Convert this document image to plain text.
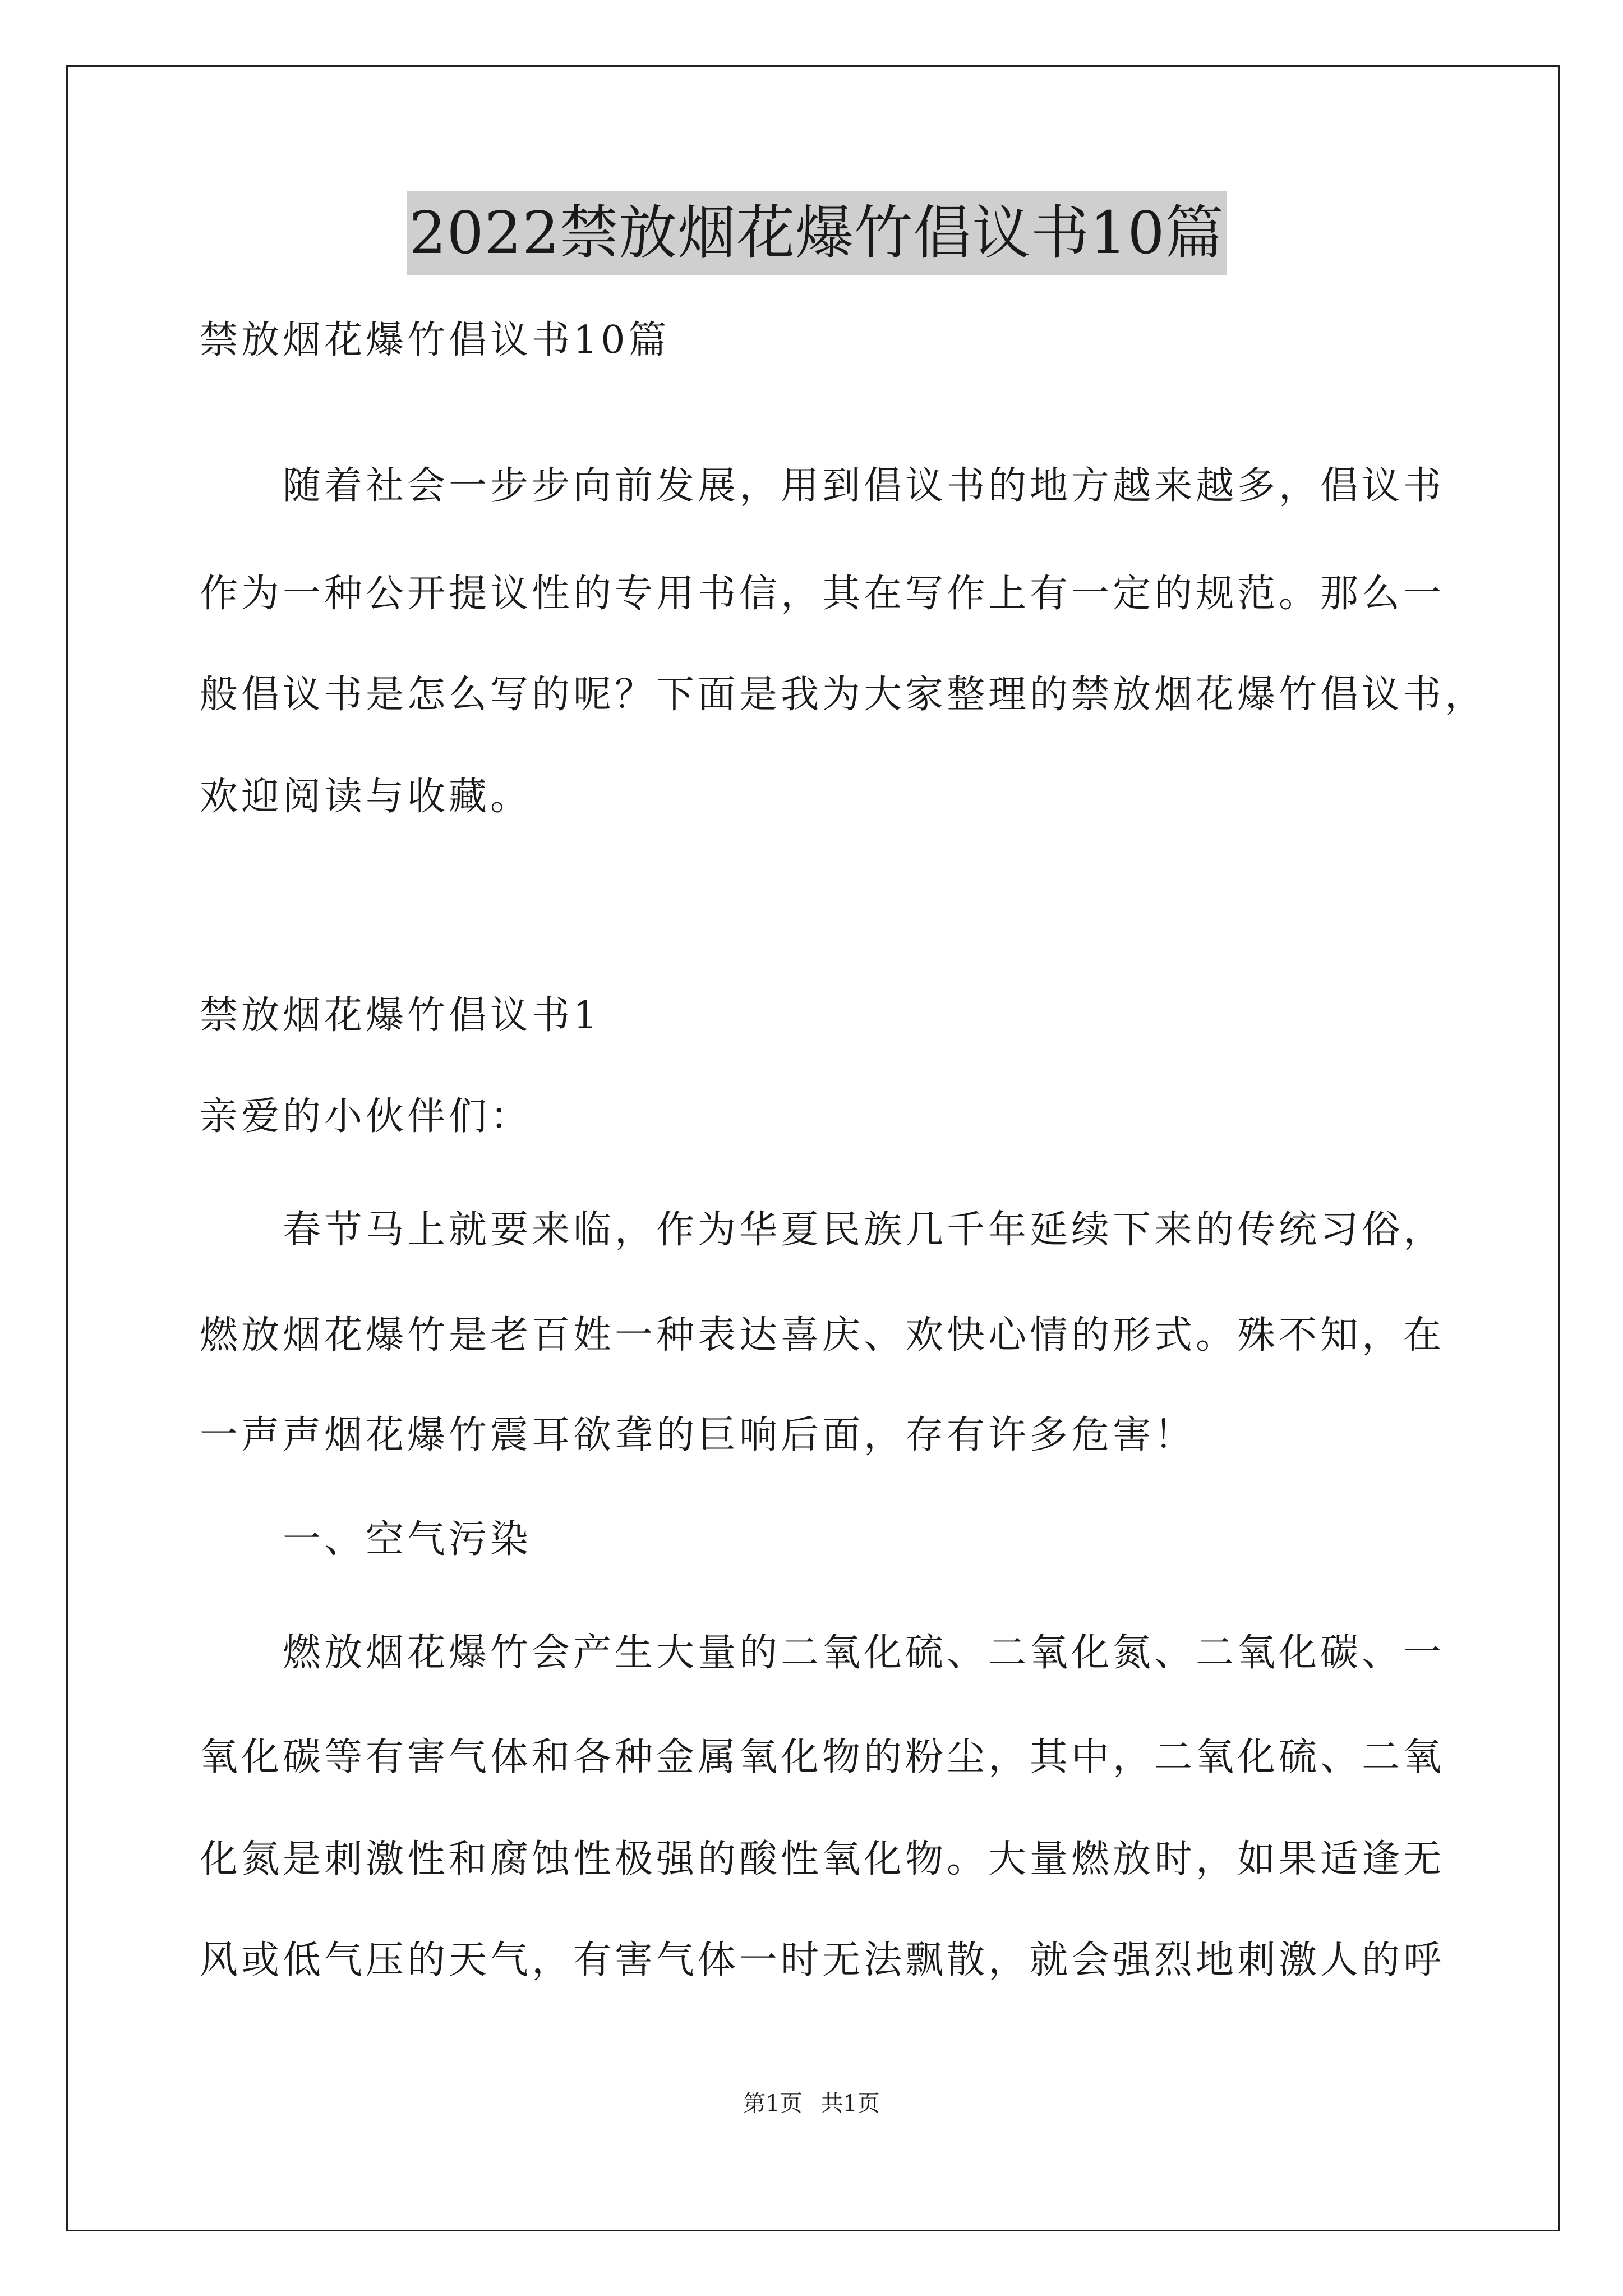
2022禁放烟花爆竹倡议书10篇
禁放烟花爆竹倡议书10篇
随着社会一步步向前发展，用到倡议书的地方越来越多，倡议书
作为一种公开提议性的专用书信，其在写作上有一定的规范。那么一
般倡议书是怎么写的呢？下面是我为大家整理的禁放烟花爆竹倡议书，
欢迎阅读与收藏。
禁放烟花爆竹倡议书1
亲爱的小伙伴们：
春节马上就要来临，作为华夏民族几千年延续下来的传统习俗，
燃放烟花爆竹是老百姓一种表达喜庆、欢快心情的形式。殊不知，在
一声声烟花爆竹震耳欲聋的巨响后面，存有许多危害！
一、空气污染
燃放烟花爆竹会产生大量的二氧化硫、二氧化氮、二氧化碳、一
氧化碳等有害气体和各种金属氧化物的粉尘，其中，二氧化硫、二氧
化氮是刺激性和腐蚀性极强的酸性氧化物。大量燃放时，如果适逢无
风或低气压的天气，有害气体一时无法飘散，就会强烈地刺激人的呼
第1页 共1页
